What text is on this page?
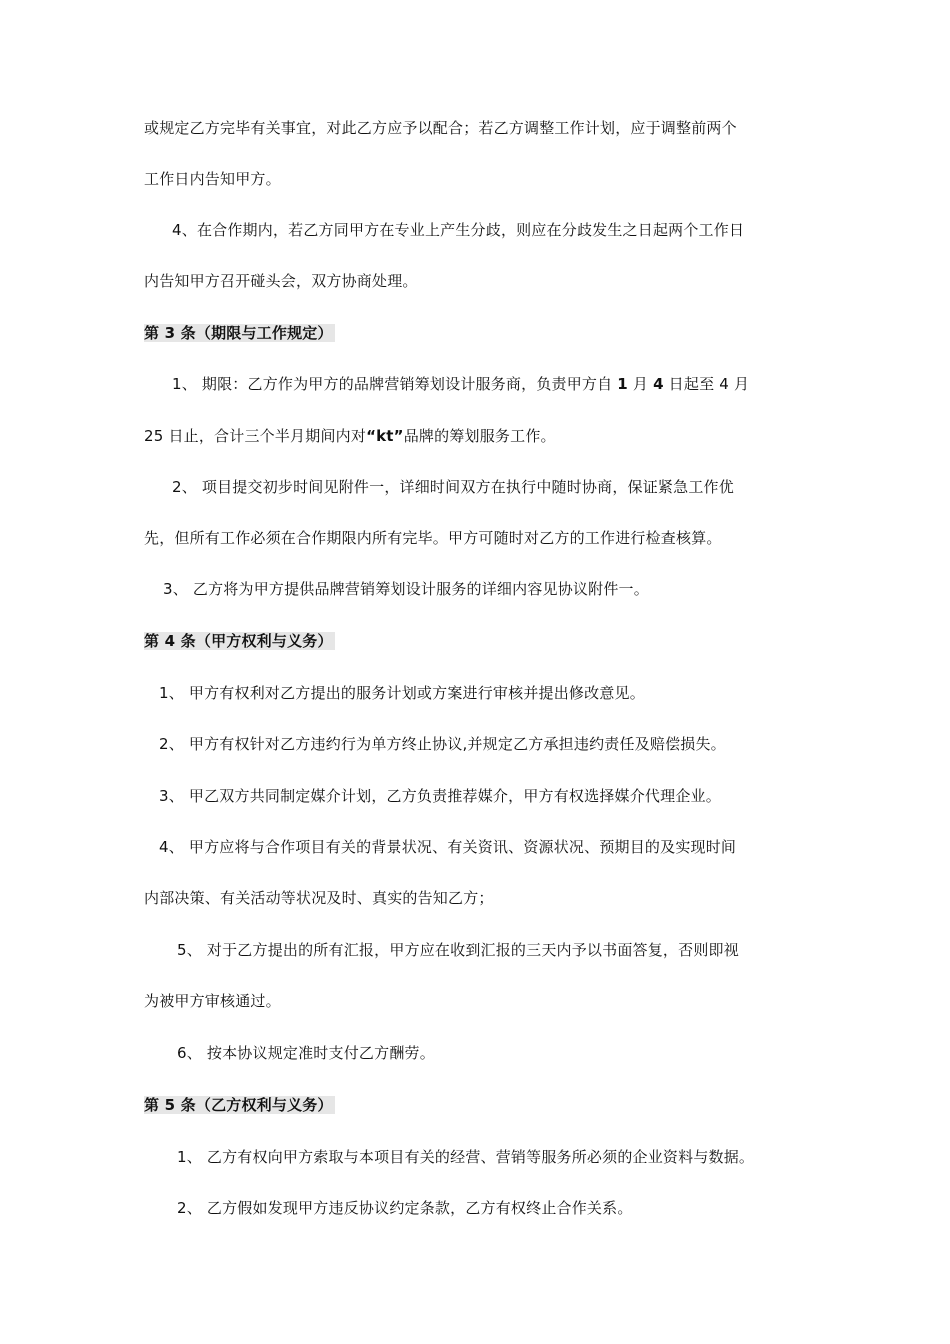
或规定乙方完毕有关事宜，对此乙方应予以配合；若乙方调整工作计划，应于调整前两个
工作日内告知甲方。
4、在合作期内，若乙方同甲方在专业上产生分歧，则应在分歧发生之日起两个工作日
内告知甲方召开碰头会，双方协商处理。
第 3 条（期限与工作规定）
1、 期限：乙方作为甲方的品牌营销筹划设计服务商，负责甲方自 1 月 4 日起至 4 月
25 日止，合计三个半月期间内对“kt”品牌的筹划服务工作。
2、 项目提交初步时间见附件一，详细时间双方在执行中随时协商，保证紧急工作优
先，但所有工作必须在合作期限内所有完毕。甲方可随时对乙方的工作进行检查核算。
3、 乙方将为甲方提供品牌营销筹划设计服务的详细内容见协议附件一。
第 4 条（甲方权利与义务）
1、 甲方有权利对乙方提出的服务计划或方案进行审核并提出修改意见。
2、 甲方有权针对乙方违约行为单方终止协议,并规定乙方承担违约责任及赔偿损失。
3、 甲乙双方共同制定媒介计划，乙方负责推荐媒介，甲方有权选择媒介代理企业。
4、 甲方应将与合作项目有关的背景状况、有关资讯、资源状况、预期目的及实现时间
内部决策、有关活动等状况及时、真实的告知乙方；
5、 对于乙方提出的所有汇报，甲方应在收到汇报的三天内予以书面答复，否则即视
为被甲方审核通过。
6、 按本协议规定准时支付乙方酬劳。
第 5 条（乙方权利与义务）
1、 乙方有权向甲方索取与本项目有关的经营、营销等服务所必须的企业资料与数据。
2、 乙方假如发现甲方违反协议约定条款，乙方有权终止合作关系。
